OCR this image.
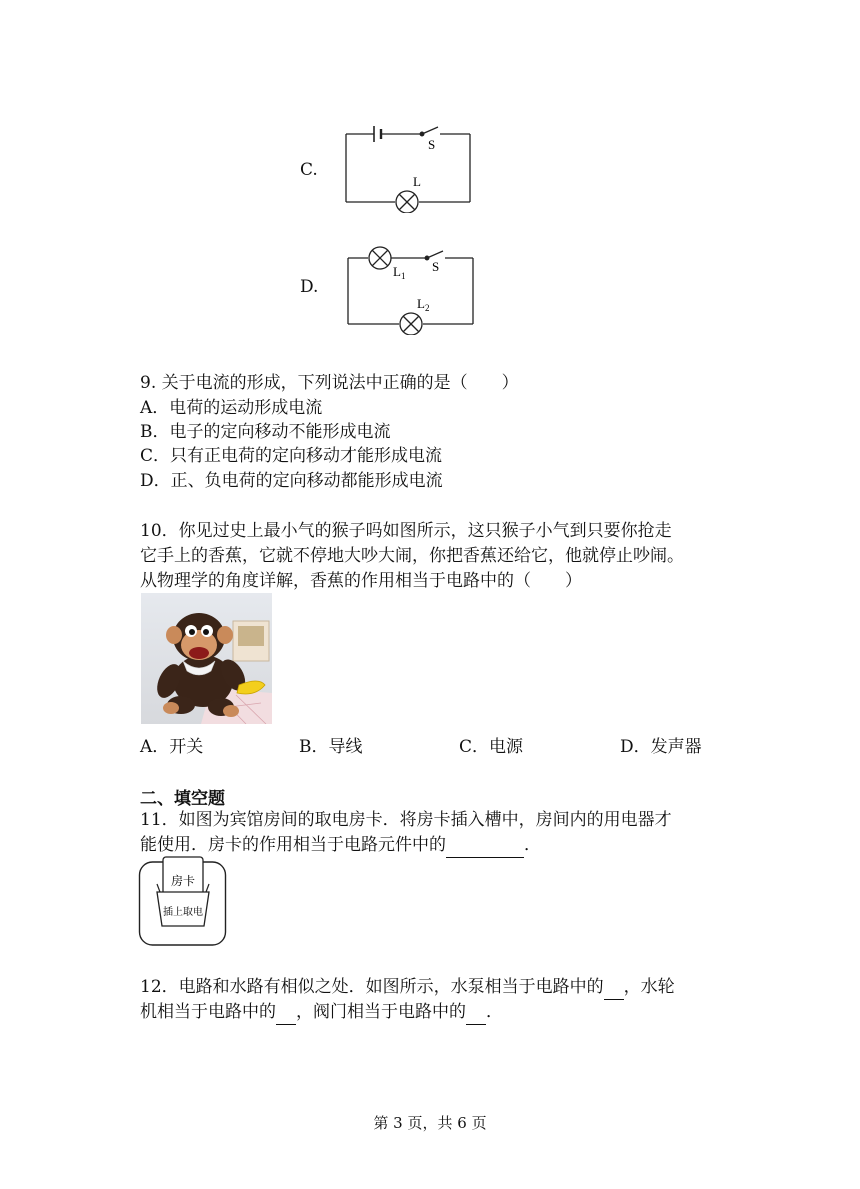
C.
S
L
D.
S
$L_1$
$L_2$
9. 关于电流的形成，下列说法中正确的是（　　）
A．电荷的运动形成电流
B．电子的定向移动不能形成电流
C．只有正电荷的定向移动才能形成电流
D．正、负电荷的定向移动都能形成电流
10．你见过史上最小气的猴子吗如图所示，这只猴子小气到只要你抢走
它手上的香蕉，它就不停地大吵大闹，你把香蕉还给它，他就停止吵闹。
从物理学的角度详解，香蕉的作用相当于电路中的（　　）
A．开关	B．导线	C．电源	D．发声器
二、填空题
11．如图为宾馆房间的取电房卡．将房卡插入槽中，房间内的用电器才
能使用．房卡的作用相当于电路元件中的	．
房卡
插上取电
12．电路和水路有相似之处．如图所示，水泵相当于电路中的 ，水轮
机相当于电路中的 ，阀门相当于电路中的 ．
第 3 页，共 6 页
